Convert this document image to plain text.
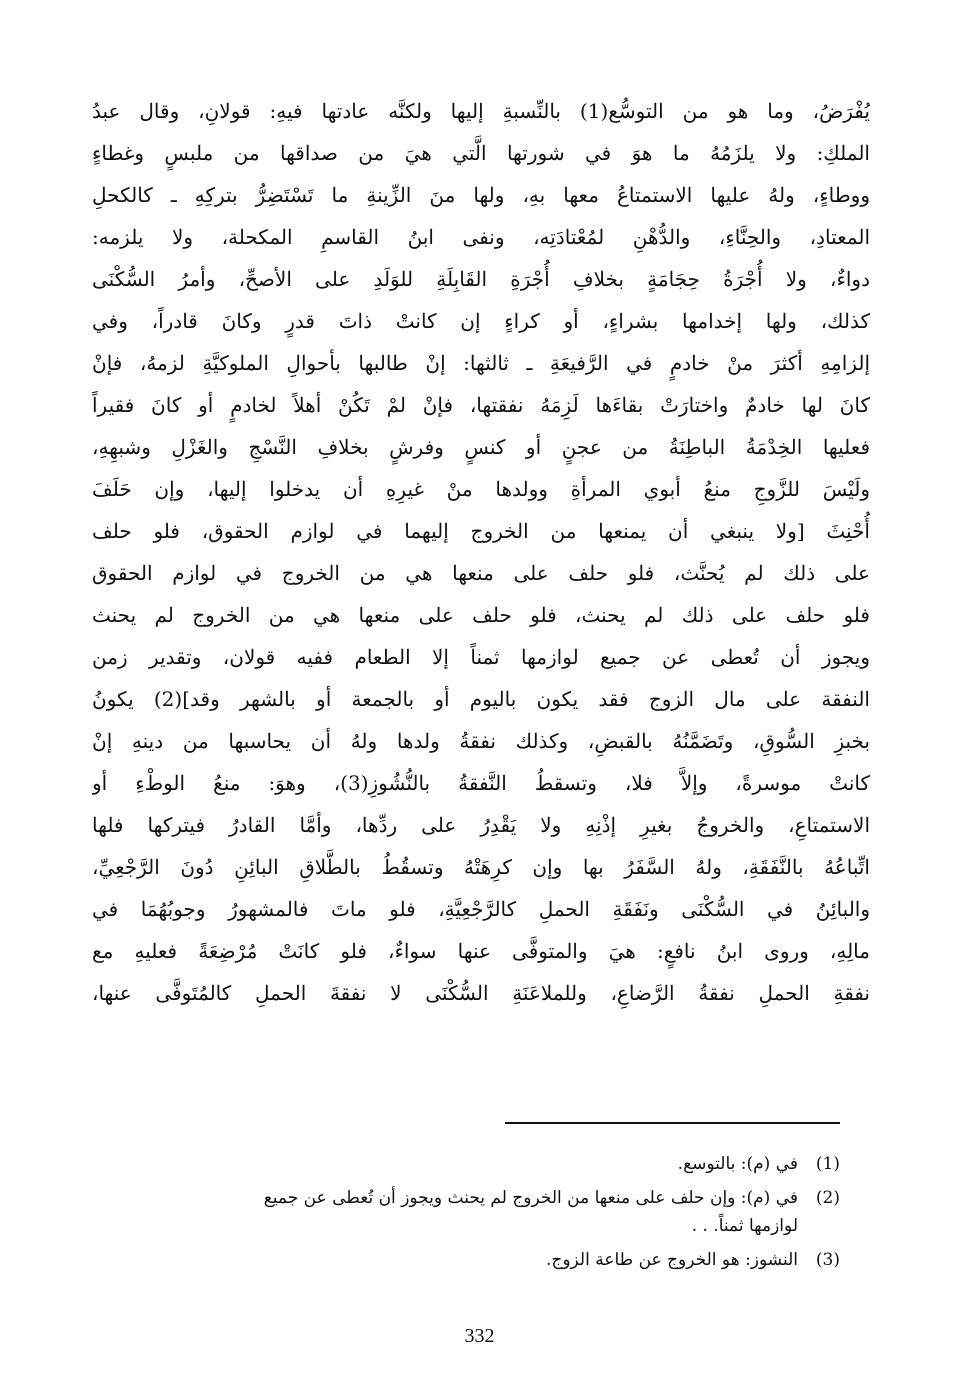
يُفْرَضُ، وما هو من التوسُّع(1) بالنِّسبةِ إليها ولكنَّه عادتها فيهِ: قولانِ، وقال عبدُ
الملكِ: ولا يلزَمُهُ ما هوَ في شورتها الَّتي هيَ من صداقها من ملبسٍ وغطاءٍ
ووطاءٍ، ولهُ عليها الاستمتاعُ معها بهِ، ولها منَ الزِّينةِ ما تَسْتَضِرُّ بتركِهِ ـ كالكحلِ
المعتادِ، والحِنَّاءِ، والدُّهْنِ لمُعْتادَتِه، ونفى ابنُ القاسمِ المكحلة، ولا يلزمه:
دواءٌ، ولا أُجْرَةُ حِجَامَةٍ بخلافِ أُجْرَةِ القَابِلَةِ للوَلَدِ على الأصحِّ، وأمرُ السُّكْنَى
كذلك، ولها إخدامها بشراءٍ، أو كراءٍ إن كانتْ ذاتَ قدرٍ وكانَ قادراً، وفي
إلزامِهِ أكثرَ منْ خادمٍ في الرَّفيعَةِ ـ ثالثها: إنْ طالبها بأحوالِ الملوكيَّةِ لزمهُ، فإنْ
كانَ لها خادمٌ واختارَتْ بقاءَها لَزِمَهُ نفقتها، فإنْ لمْ تَكُنْ أهلاً لخادمٍ أو كانَ فقيراً
فعليها الخِدْمَةُ الباطِنَةُ من عجنٍ أو كنسٍ وفرشٍ بخلافِ النَّسْجِ والغَزْلِ وشبهِهِ،
ولَيْسَ للزَّوجِ منعُ أبوي المرأةِ وولدها منْ غيرِهِ أن يدخلوا إليها، وإن حَلَفَ
أُحْنِثَ [ولا ينبغي أن يمنعها من الخروج إليهما في لوازم الحقوق، فلو حلف
على ذلك لم يُحنَّث، فلو حلف على منعها هي من الخروج في لوازم الحقوق
فلو حلف على ذلك لم يحنث، فلو حلف على منعها هي من الخروج لم يحنث
ويجوز أن تُعطى عن جميع لوازمها ثمناً إلا الطعام ففيه قولان، وتقدير زمن
النفقة على مال الزوج فقد يكون باليوم أو بالجمعة أو بالشهر وقد](2) يكونُ
بخبزِ السُّوقِ، وتَضَمَّنُهُ بالقبضِ، وكذلك نفقةُ ولدها ولهُ أن يحاسبها من دينهِ إنْ
كانتْ موسرةً، وإلاَّ فلا، وتسقطُ النَّفقةُ بالنُّشُوزِ(3)، وهوَ: منعُ الوطْءِ أو
الاستمتاعِ، والخروجُ بغيرِ إذْنِهِ ولا يَقْدِرُ على ردِّها، وأمَّا القادرُ فيتركها فلها
اتِّباعُهُ بالنَّفَقَةِ، ولهُ السَّفَرُ بها وإن كرِهَتْهُ وتسقُطُ بالطَّلاقِ البائِنِ دُونَ الرَّجْعِيِّ،
والبائِنُ في السُّكْنَى ونَفَقَةِ الحملِ كالرَّجْعِيَّةِ، فلو ماتَ فالمشهورُ وجوبُهُمَا في
مالِهِ، وروى ابنُ نافعٍ: هيَ والمتوفَّى عنها سواءٌ، فلو كانَتْ مُرْضِعَةً فعليهِ مع
نفقةِ الحملِ نفقةُ الرَّضاعِ، وللملاعَنَةِ السُّكْنَى لا نفقةَ الحملِ كالمُتَوفَّى عنها،
(1)
في (م): بالتوسع.
(2)
في (م): وإن حلف على منعها من الخروج لم يحنث ويجوز أن تُعطى عن جميع
لوازمها ثمناً. . .
(3)
النشوز: هو الخروج عن طاعة الزوج.
332
